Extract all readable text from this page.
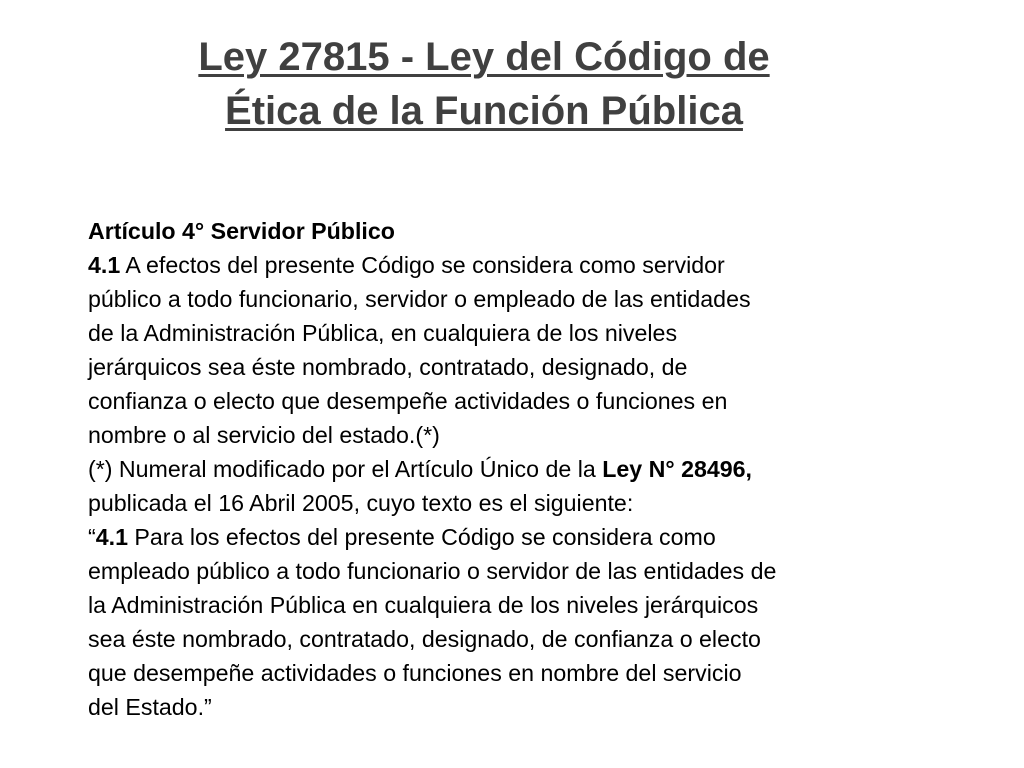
Ley 27815 - Ley del Código de
Ética de la Función Pública
Artículo 4° Servidor Público
4.1 A efectos del presente Código se considera como servidor
público a todo funcionario, servidor o empleado de las entidades
de la Administración Pública, en cualquiera de los niveles
jerárquicos sea éste nombrado, contratado, designado, de
confianza o electo que desempeñe actividades o funciones en
nombre o al servicio del estado.(*)
(*) Numeral modificado por el Artículo Único de la Ley N° 28496,
publicada el 16 Abril 2005, cuyo texto es el siguiente:
“4.1 Para los efectos del presente Código se considera como
empleado público a todo funcionario o servidor de las entidades de
la Administración Pública en cualquiera de los niveles jerárquicos
sea éste nombrado, contratado, designado, de confianza o electo
que desempeñe actividades o funciones en nombre del servicio
del Estado.”
